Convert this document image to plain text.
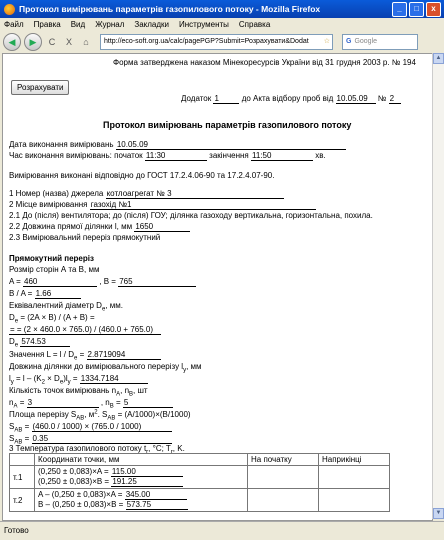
Протокол вимірювань параметрів газопилового потоку - Mozilla Firefox	_	□	x
Файл Правка Вид Журнал Закладки Инструменты Справка
◀	▶	C	X	⌂	http://eco-soft.org.ua/calc/pagePGP?Submit=Розрахувати&Dodat ☆ G Google
Форма затверджена наказом Мінекоресурсів України від 31 грудня 2003 р. № 194
Розрахувати
Додаток 1	до Акта відбору проб від 10.05.09 № 2
Протокол вимірювань параметрів газопилового потоку
Дата виконання вимірювань 10.05.09
Час виконання вимірювань: початок 11:30	закінчення 11:50	хв.
Вимірювання виконані відповідно до ГОСТ 17.2.4.06-90 та 17.2.4.07-90.
1 Номер (назва) джерела котлоагрегат № 3
2 Місце вимірювання газохід №1
2.1 До (після) вентилятора; до (після) ГОУ; ділянка газоходу вертикальна, горизонтальна, похила.
2.2 Довжина прямої ділянки l, мм 1650
2.3 Вимірювальний переріз прямокутний
Прямокутний переріз
Розмір сторін А та В, мм
A = 460	, B = 765
B / A = 1.66
Еквівалентний діаметр $D_e$, мм.
$D_e = (2A \times B) / (A + B)$ =
= = (2 × 460.0 × 765.0) / (460.0 + 765.0)
$D_e$ 574.53
Значення $L = l / D_e = 2.8719094$
Довжина ділянки до вимірювального перерізу $l_y$, мм
$l_y = l - (K_2 \times D_e)l_y = 1334.7184$
Кількість точок вимірювань $n_A$, $n_B$, шт
$n_A = 3$	, $n_B = 5$
Площа перерізу $S_{AB}$, $м^2$. $S_{AB} = (A/1000)\times(B/1000)$
$S_{AB} = (460.0 / 1000) \times (765.0 / 1000)$
$S_{AB} = 0.35$
3 Температура газопилового потоку $t_r$, °C; $T_r$, K.
	Координати точки, мм	На початку	Наприкінці
т.1	(0,250 ± 0,083)×A = 115.00
(0,250 ± 0,083)×B = 191.25		

т.2	A – (0,250 ± 0,083)×A = 345.00
B – (0,250 ± 0,083)×B = 573.75		

▲
▼
Готово
